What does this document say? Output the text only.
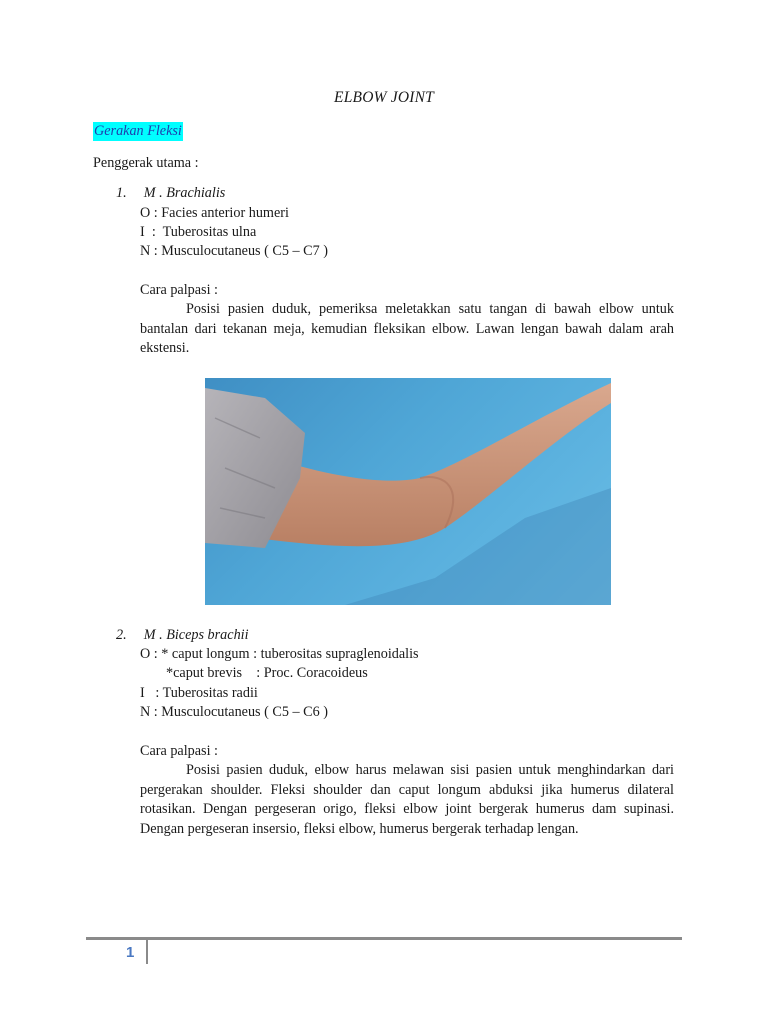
ELBOW JOINT
Gerakan Fleksi
Penggerak utama :
1. M . Brachialis
O : Facies anterior humeri
I  :  Tuberositas ulna
N : Musculocutaneus ( C5 – C7 )
Cara palpasi :
Posisi pasien duduk, pemeriksa meletakkan satu tangan di bawah elbow untuk bantalan dari tekanan meja, kemudian fleksikan elbow. Lawan lengan bawah dalam arah ekstensi.
2. M . Biceps brachii
O : * caput longum : tuberositas supraglenoidalis
*caput brevis    : Proc. Coracoideus
I   : Tuberositas radii
N : Musculocutaneus ( C5 – C6 )
Cara palpasi :
Posisi pasien duduk, elbow harus melawan sisi pasien untuk menghindarkan dari pergerakan shoulder. Fleksi shoulder dan caput longum abduksi jika humerus dilateral rotasikan. Dengan pergeseran origo, fleksi elbow joint bergerak humerus dam supinasi. Dengan pergeseran insersio, fleksi elbow, humerus bergerak terhadap lengan.
1
